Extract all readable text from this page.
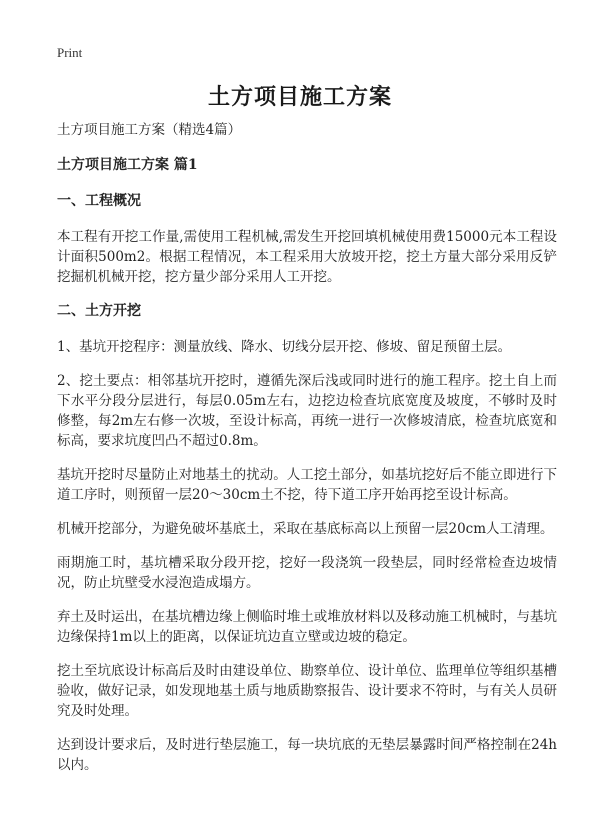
Print
土方项目施工方案

土方项目施工方案（精选4篇）

土方项目施工方案 篇1

一、工程概况

本工程有开挖工作量,需使用工程机械,需发生开挖回填机械使用费15000元本工程设计面积500m2。根据工程情况，本工程采用大放坡开挖，挖土方量大部分采用反铲挖掘机机械开挖，挖方量少部分采用人工开挖。

二、土方开挖

1、基坑开挖程序：测量放线、降水、切线分层开挖、修坡、留足预留土层。

2、挖土要点：相邻基坑开挖时，遵循先深后浅或同时进行的施工程序。挖土自上而下水平分段分层进行，每层0.05m左右，边挖边检查坑底宽度及坡度，不够时及时修整，每2m左右修一次坡，至设计标高，再统一进行一次修坡清底，检查坑底宽和标高，要求坑度凹凸不超过0.8m。

基坑开挖时尽量防止对地基土的扰动。人工挖土部分，如基坑挖好后不能立即进行下道工序时，则预留一层20～30cm土不挖，待下道工序开始再挖至设计标高。

机械开挖部分，为避免破坏基底土，采取在基底标高以上预留一层20cm人工清理。

雨期施工时，基坑槽采取分段开挖，挖好一段浇筑一段垫层，同时经常检查边坡情况，防止坑壁受水浸泡造成塌方。

弃土及时运出，在基坑槽边缘上侧临时堆土或堆放材料以及移动施工机械时，与基坑边缘保持1m以上的距离，以保证坑边直立壁或边坡的稳定。

挖土至坑底设计标高后及时由建设单位、勘察单位、设计单位、监理单位等组织基槽验收，做好记录，如发现地基土质与地质勘察报告、设计要求不符时，与有关人员研究及时处理。

达到设计要求后，及时进行垫层施工，每一块坑底的无垫层暴露时间严格控制在24h以内。
